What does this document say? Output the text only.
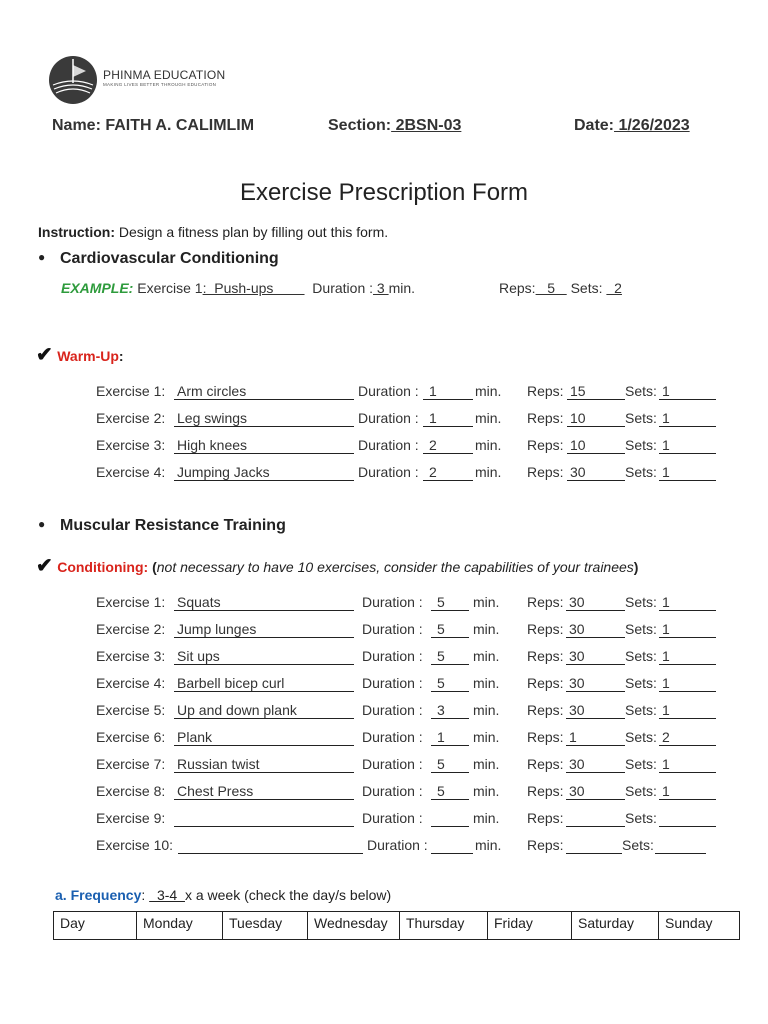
PHINMA EDUCATION
MAKING LIVES BETTER THROUGH EDUCATION
Name: FAITH A. CALIMLIM	Section: 2BSN-03	Date: 1/26/2023
Exercise Prescription Form
Instruction: Design a fitness plan by filling out this form.
● Cardiovascular Conditioning
EXAMPLE: Exercise 1:  Push-ups          Duration : 3 min.	Reps:   5    Sets:   2
✔ Warm-Up:
Exercise 1: Arm circles	Duration : 1	min. Reps: 15	Sets: 1
Exercise 2: Leg swings	Duration : 1	min. Reps: 10	Sets: 1
Exercise 3: High knees	Duration : 2	min. Reps: 10	Sets: 1
Exercise 4: Jumping Jacks	Duration : 2	min. Reps: 30	Sets: 1
● Muscular Resistance Training
✔ Conditioning: (not necessary to have 10 exercises, consider the capabilities of your trainees)
Exercise 1: Squats	Duration :	5	min. Reps: 30	Sets: 1
Exercise 2: Jump lunges	Duration :	5	min. Reps: 30	Sets: 1
Exercise 3: Sit ups	Duration :	5	min. Reps: 30	Sets: 1
Exercise 4: Barbell bicep curl	Duration :	5	min. Reps: 30	Sets: 1
Exercise 5: Up and down plank	Duration :	3	min. Reps: 30	Sets: 1
Exercise 6: Plank	Duration :	1	min. Reps: 1	Sets: 2
Exercise 7: Russian twist	Duration :	5	min. Reps: 30	Sets: 1
Exercise 8: Chest Press	Duration :	5	min. Reps: 30	Sets: 1
Exercise 9:	Duration :	min. Reps:	Sets:
Exercise 10:	Duration :	min. Reps:	Sets:
a. Frequency:   3-4  x a week (check the day/s below)
Day	Monday	Tuesday	Wednesday	Thursday	Friday	Saturday	Sunday
